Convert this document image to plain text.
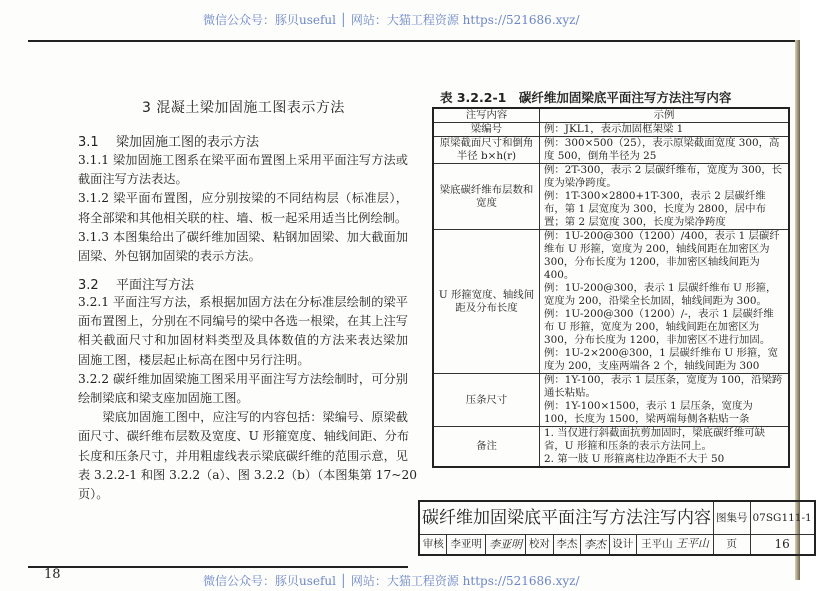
微信公众号：豚贝useful │ 网站：大猫工程资源 https://521686.xyz/
3 混凝土梁加固施工图表示方法
3.1 梁加固施工图的表示方法
3.1.1 梁加固施工图系在梁平面布置图上采用平面注写方法或
截面注写方法表达。
3.1.2 梁平面布置图，应分别按梁的不同结构层（标准层），
将全部梁和其他相关联的柱、墙、板一起采用适当比例绘制。
3.1.3 本图集给出了碳纤维加固梁、粘钢加固梁、加大截面加
固梁、外包钢加固梁的表示方法。
3.2 平面注写方法
3.2.1 平面注写方法，系根据加固方法在分标准层绘制的梁平
面布置图上，分别在不同编号的梁中各选一根梁，在其上注写
相关截面尺寸和加固材料类型及具体数值的方法来表达梁加
固施工图，楼层起止标高在图中另行注明。
3.2.2 碳纤维加固梁施工图采用平面注写方法绘制时，可分别
绘制梁底和梁支座加固施工图。
　　梁底加固施工图中，应注写的内容包括：梁编号、原梁截
面尺寸、碳纤维布层数及宽度、U 形箍宽度、轴线间距、分布
长度和压条尺寸，并用粗虚线表示梁底碳纤维的范围示意，见
表 3.2.2-1 和图 3.2.2（a）、图 3.2.2（b）（本图集第 17~20
页）。
表 3.2.2-1　碳纤维加固梁底平面注写方法注写内容
注写内容	示例
梁编号	例：JKL1，表示加固框架梁 1
原梁截面尺寸和倒角半径 b×h(r)	例：300×500（25），表示原梁截面宽度 300，高度 500，倒角半径为 25
梁底碳纤维布层数和宽度	例：2T-300，表示 2 层碳纤维布，宽度为 300，长度为梁净跨度。
例：1T-300×2800+1T-300，表示 2 层碳纤维布，第 1 层宽度为 300，长度为 2800，居中布置；第 2 层宽度 300，长度为梁净跨度
U 形箍宽度、轴线间距及分布长度	例：1U-200@300（1200）/400，表示 1 层碳纤维布 U 形箍，宽度为 200，轴线间距在加密区为 300，分布长度为 1200，非加密区轴线间距为 400。
例：1U-200@300，表示 1 层碳纤维布 U 形箍，宽度为 200，沿梁全长加固，轴线间距为 300。
例：1U-200@300（1200）/-，表示 1 层碳纤维布 U 形箍，宽度为 200，轴线间距在加密区为 300，分布长度为 1200，非加密区不进行加固。
例：1U-2×200@300，1 层碳纤维布 U 形箍，宽度为 200，支座两端各 2 个，轴线间距为 300
压条尺寸	例：1Y-100，表示 1 层压条，宽度为 100，沿梁跨通长粘贴。
例：1Y-100×1500，表示 1 层压条，宽度为 100，长度为 1500，梁两端每侧各粘贴一条
备注	1. 当仅进行斜截面抗剪加固时，梁底碳纤维可缺省，U 形箍和压条的表示方法同上。
2. 第一肢 U 形箍离柱边净距不大于 50
碳纤维加固梁底平面注写方法注写内容								图集号	07SG111-1
审核	李亚明	李亚明	校对	李杰	李杰	设计	王平山 王平山	页	16
微信公众号：豚贝useful │ 网站：大猫工程资源 https://521686.xyz/
18
